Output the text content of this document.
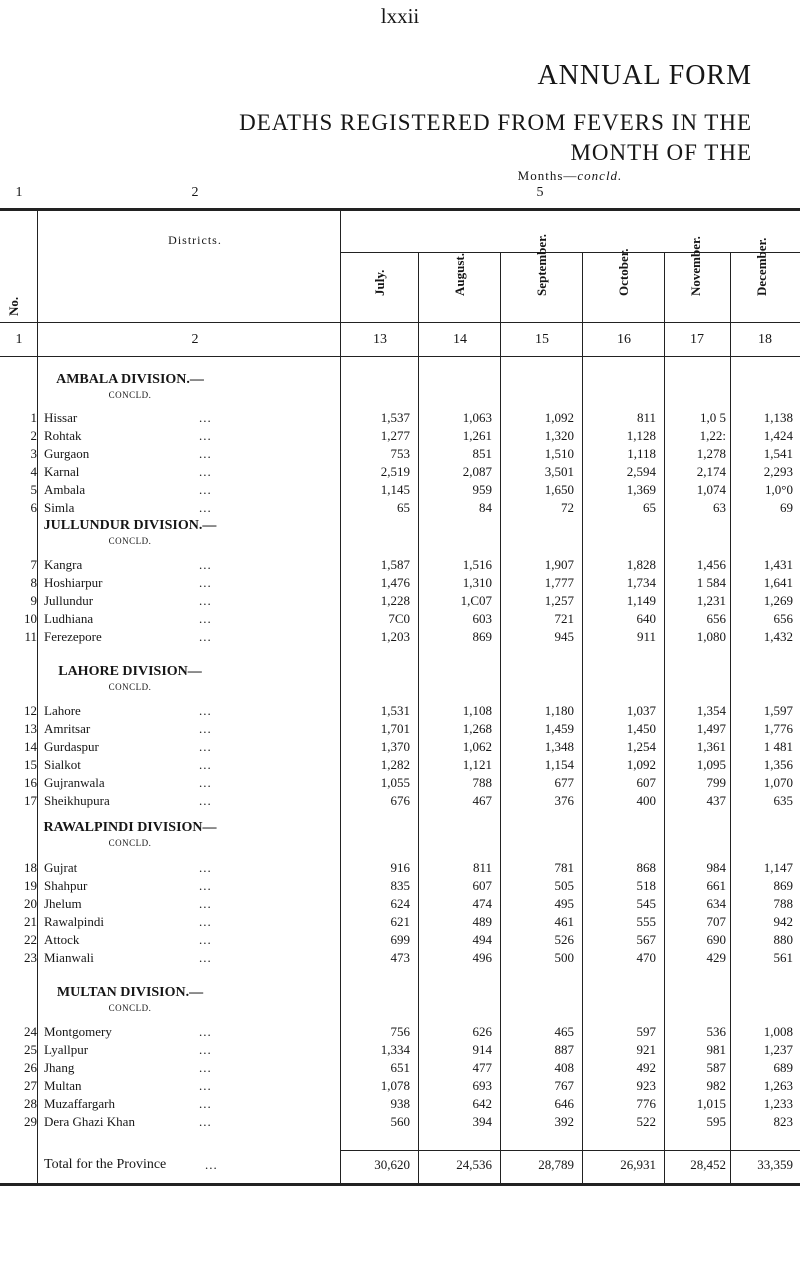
lxxii
ANNUAL FORM
DEATHS REGISTERED FROM FEVERS IN THE
MONTH OF THE
1	2	5
Months—concld.
Districts.
No.
July.	August.	September.	October.	November.	December.
1	2	13	14	15	16	17	18
AMBALA DIVISION.—
CONCLD.
JULLUNDUR DIVISION.—
CONCLD.
LAHORE DIVISION—
CONCLD.
RAWALPINDI DIVISION—
CONCLD.
MULTAN DIVISION.—
CONCLD.
1 Hissar	...	1,537	1,063	1,092	811	1,0 5	1,138
2 Rohtak	...	1,277	1,261	1,320	1,128	1,22:	1,424
3 Gurgaon	...	753	851	1,510	1,118	1,278	1,541
4 Karnal	...	2,519	2,087	3,501	2,594	2,174	2,293
5 Ambala	...	1,145	959	1,650	1,369	1,074	1,0°0
6 Simla	...	65	84	72	65	63	69
7 Kangra	...	1,587	1,516	1,907	1,828	1,456	1,431
8 Hoshiarpur	...	1,476	1,310	1,777	1,734	1 584	1,641
9 Jullundur	...	1,228	1,C07	1,257	1,149	1,231	1,269
10 Ludhiana	...	7C0	603	721	640	656	656
11 Ferezepore	...	1,203	869	945	911	1,080	1,432
12 Lahore	...	1,531	1,108	1,180	1,037	1,354	1,597
13 Amritsar	...	1,701	1,268	1,459	1,450	1,497	1,776
14 Gurdaspur	...	1,370	1,062	1,348	1,254	1,361	1 481
15 Sialkot	...	1,282	1,121	1,154	1,092	1,095	1,356
16 Gujranwala	...	1,055	788	677	607	799	1,070
17 Sheikhupura	...	676	467	376	400	437	635
18 Gujrat	...	916	811	781	868	984	1,147
19 Shahpur	...	835	607	505	518	661	869
20 Jhelum	...	624	474	495	545	634	788
21 Rawalpindi	...	621	489	461	555	707	942
22 Attock	...	699	494	526	567	690	880
23 Mianwali	...	473	496	500	470	429	561
24 Montgomery	...	756	626	465	597	536	1,008
25 Lyallpur	...	1,334	914	887	921	981	1,237
26 Jhang	...	651	477	408	492	587	689
27 Multan	...	1,078	693	767	923	982	1,263
28 Muzaffargarh	...	938	642	646	776	1,015	1,233
29 Dera Ghazi Khan	...	560	394	392	522	595	823
Total for the Province	...	30,620	24,536	28,789	26,931	28,452	33,359
